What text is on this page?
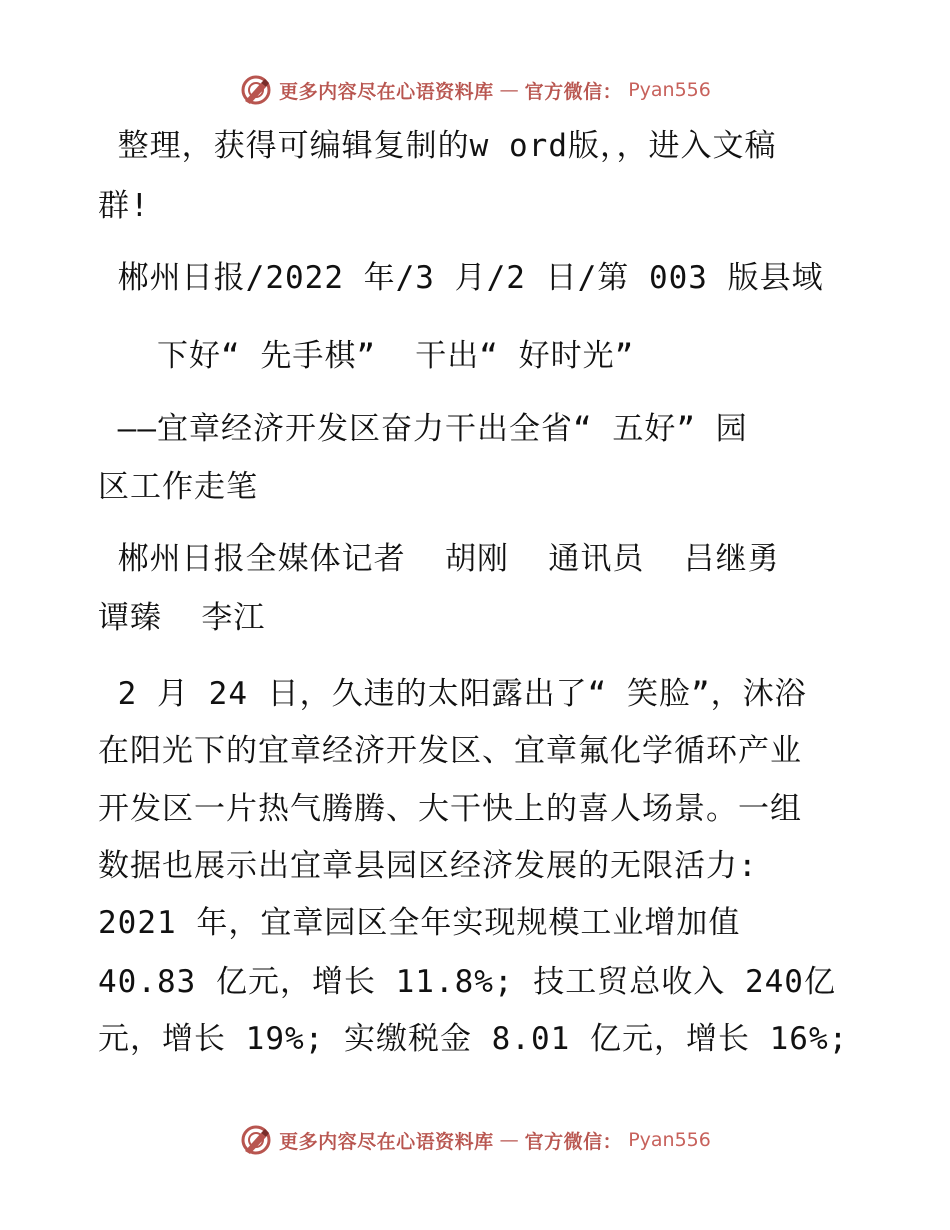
更多内容尽在心语资料库 — 官方微信： Pyan556
整理，获得可编辑复制的w ord版，，进入文稿
群!
郴州日报/2022 年/3 月/2 日/第 003 版县域
下好“ 先手棋”  干出“ 好时光”
——宜章经济开发区奋力干出全省“ 五好” 园
区工作走笔
郴州日报全媒体记者  胡刚  通讯员  吕继勇
谭臻  李江
2 月 24 日，久违的太阳露出了“ 笑脸”，沐浴
在阳光下的宜章经济开发区、宜章氟化学循环产业
开发区一片热气腾腾、大干快上的喜人场景。一组
数据也展示出宜章县园区经济发展的无限活力:
2021 年，宜章园区全年实现规模工业增加值
40.83 亿元，增长 11.8%; 技工贸总收入 240亿
元，增长 19%; 实缴税金 8.01 亿元，增长 16%;
更多内容尽在心语资料库 — 官方微信： Pyan556
